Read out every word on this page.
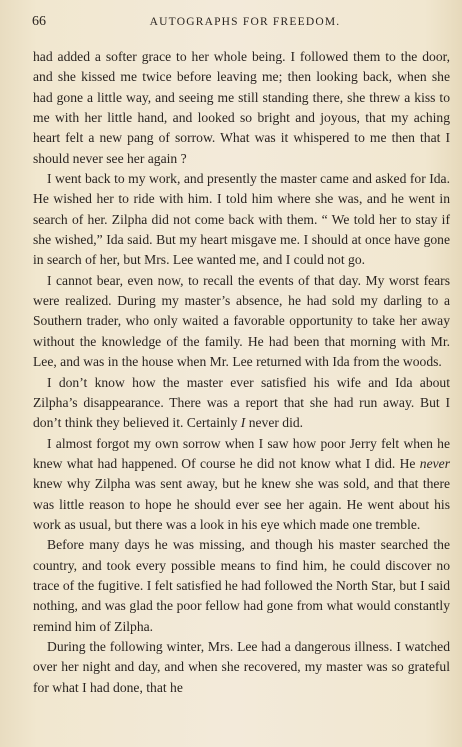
66	AUTOGRAPHS FOR FREEDOM.

had added a softer grace to her whole being. I followed them to the door, and she kissed me twice before leaving me; then looking back, when she had gone a little way, and seeing me still standing there, she threw a kiss to me with her little hand, and looked so bright and joyous, that my aching heart felt a new pang of sorrow. What was it whispered to me then that I should never see her again ?

I went back to my work, and presently the master came and asked for Ida. He wished her to ride with him. I told him where she was, and he went in search of her. Zilpha did not come back with them. “ We told her to stay if she wished,” Ida said. But my heart misgave me. I should at once have gone in search of her, but Mrs. Lee wanted me, and I could not go.

I cannot bear, even now, to recall the events of that day. My worst fears were realized. During my master’s absence, he had sold my darling to a Southern trader, who only waited a favorable opportunity to take her away without the knowledge of the family. He had been that morning with Mr. Lee, and was in the house when Mr. Lee returned with Ida from the woods.

I don’t know how the master ever satisfied his wife and Ida about Zilpha’s disappearance. There was a report that she had run away. But I don’t think they believed it. Certainly I never did.

I almost forgot my own sorrow when I saw how poor Jerry felt when he knew what had happened. Of course he did not know what I did. He never knew why Zilpha was sent away, but he knew she was sold, and that there was little reason to hope he should ever see her again. He went about his work as usual, but there was a look in his eye which made one tremble.

Before many days he was missing, and though his master searched the country, and took every possible means to find him, he could discover no trace of the fugitive. I felt satisfied he had followed the North Star, but I said nothing, and was glad the poor fellow had gone from what would constantly remind him of Zilpha.

During the following winter, Mrs. Lee had a dangerous illness. I watched over her night and day, and when she recovered, my master was so grateful for what I had done, that he
